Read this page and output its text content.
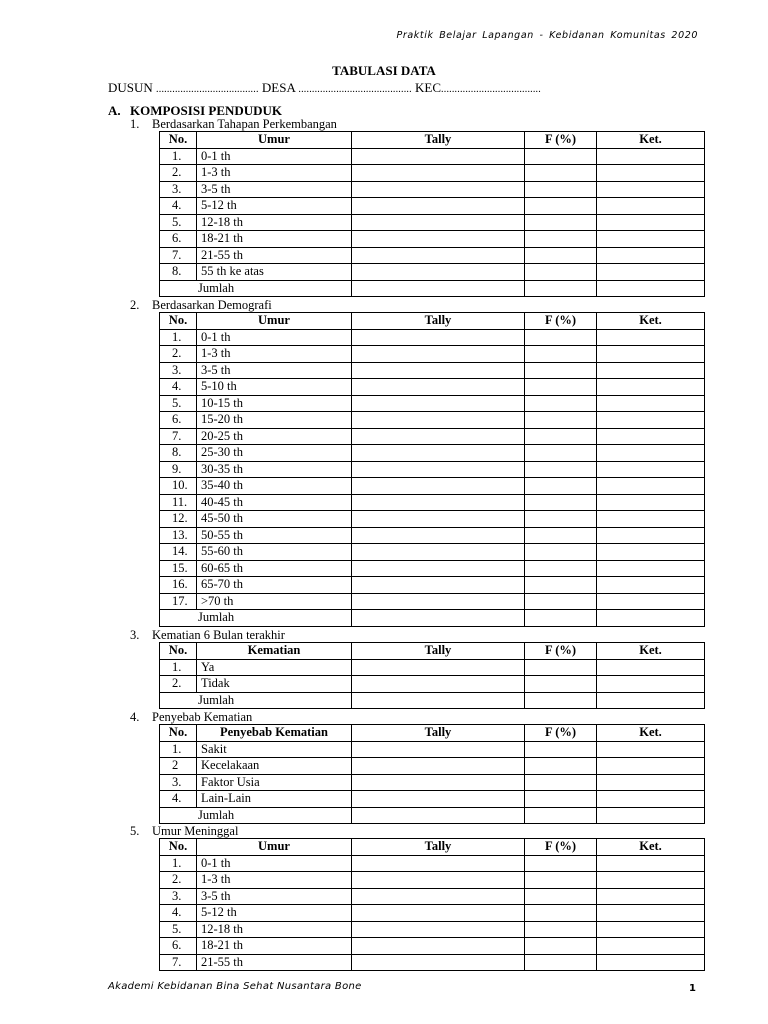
Praktik Belajar Lapangan - Kebidanan Komunitas 2020
TABULASI DATA
DUSUN ...................................... DESA .......................................... KEC.....................................
A. KOMPOSISI PENDUDUK
1. Berdasarkan Tahapan Perkembangan
No.	Umur	Tally	F (%)	Ket.
1.	0-1 th			
2.	1-3 th			
3.	3-5 th			
4.	5-12 th			
5.	12-18 th			
6.	18-21 th			
7.	21-55 th			
8.	55 th ke atas			
Jumlah				
2. Berdasarkan Demografi
No.	Umur	Tally	F (%)	Ket.
1.	0-1 th			
2.	1-3 th			
3.	3-5 th			
4.	5-10 th			
5.	10-15 th			
6.	15-20 th			
7.	20-25 th			
8.	25-30 th			
9.	30-35 th			
10.	35-40 th			
11.	40-45 th			
12.	45-50 th			
13.	50-55 th			
14.	55-60 th			
15.	60-65 th			
16.	65-70 th			
17.	>70 th			
Jumlah				
3. Kematian 6 Bulan terakhir
No.	Kematian	Tally	F (%)	Ket.
1.	Ya			
2.	Tidak			
Jumlah				
4. Penyebab Kematian
No.	Penyebab Kematian	Tally	F (%)	Ket.
1.	Sakit			
2	Kecelakaan			
3.	Faktor Usia			
4.	Lain-Lain			
Jumlah				
5. Umur Meninggal
No.	Umur	Tally	F (%)	Ket.
1.	0-1 th			
2.	1-3 th			
3.	3-5 th			
4.	5-12 th			
5.	12-18 th			
6.	18-21 th			
7.	21-55 th			
Akademi Kebidanan Bina Sehat Nusantara Bone	1
